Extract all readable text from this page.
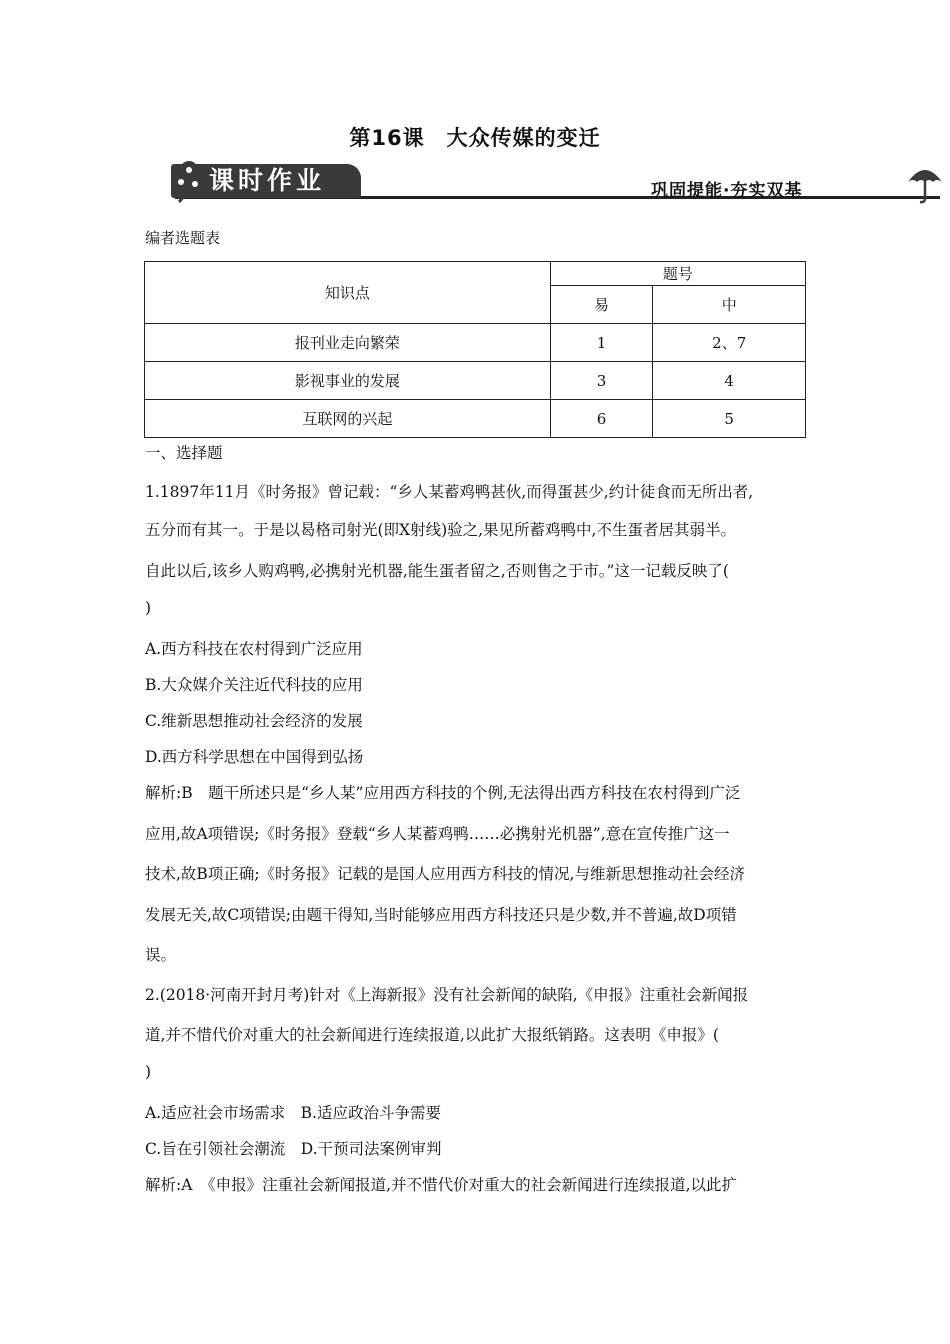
第16课　大众传媒的变迁
课时作业	巩固提能·夯实双基
编者选题表
知识点	题号	
	易	中
报刊业走向繁荣	1	2、7
影视事业的发展	3	4
互联网的兴起	6	5
一、选择题
1.1897年11月《时务报》曾记载：“乡人某蓄鸡鸭甚伙,而得蛋甚少,约计徒食而无所出者,
五分而有其一。于是以曷格司射光(即X射线)验之,果见所蓄鸡鸭中,不生蛋者居其弱半。
自此以后,该乡人购鸡鸭,必携射光机器,能生蛋者留之,否则售之于市。”这一记载反映了(
)
A.西方科技在农村得到广泛应用
B.大众媒介关注近代科技的应用
C.维新思想推动社会经济的发展
D.西方科学思想在中国得到弘扬
解析:B　题干所述只是“乡人某”应用西方科技的个例,无法得出西方科技在农村得到广泛
应用,故A项错误;《时务报》登载“乡人某蓄鸡鸭……必携射光机器”,意在宣传推广这一
技术,故B项正确;《时务报》记载的是国人应用西方科技的情况,与维新思想推动社会经济
发展无关,故C项错误;由题干得知,当时能够应用西方科技还只是少数,并不普遍,故D项错
误。
2.(2018·河南开封月考)针对《上海新报》没有社会新闻的缺陷,《申报》注重社会新闻报
道,并不惜代价对重大的社会新闻进行连续报道,以此扩大报纸销路。这表明《申报》(
)
A.适应社会市场需求　B.适应政治斗争需要
C.旨在引领社会潮流　D.干预司法案例审判
解析:A　《申报》注重社会新闻报道,并不惜代价对重大的社会新闻进行连续报道,以此扩
